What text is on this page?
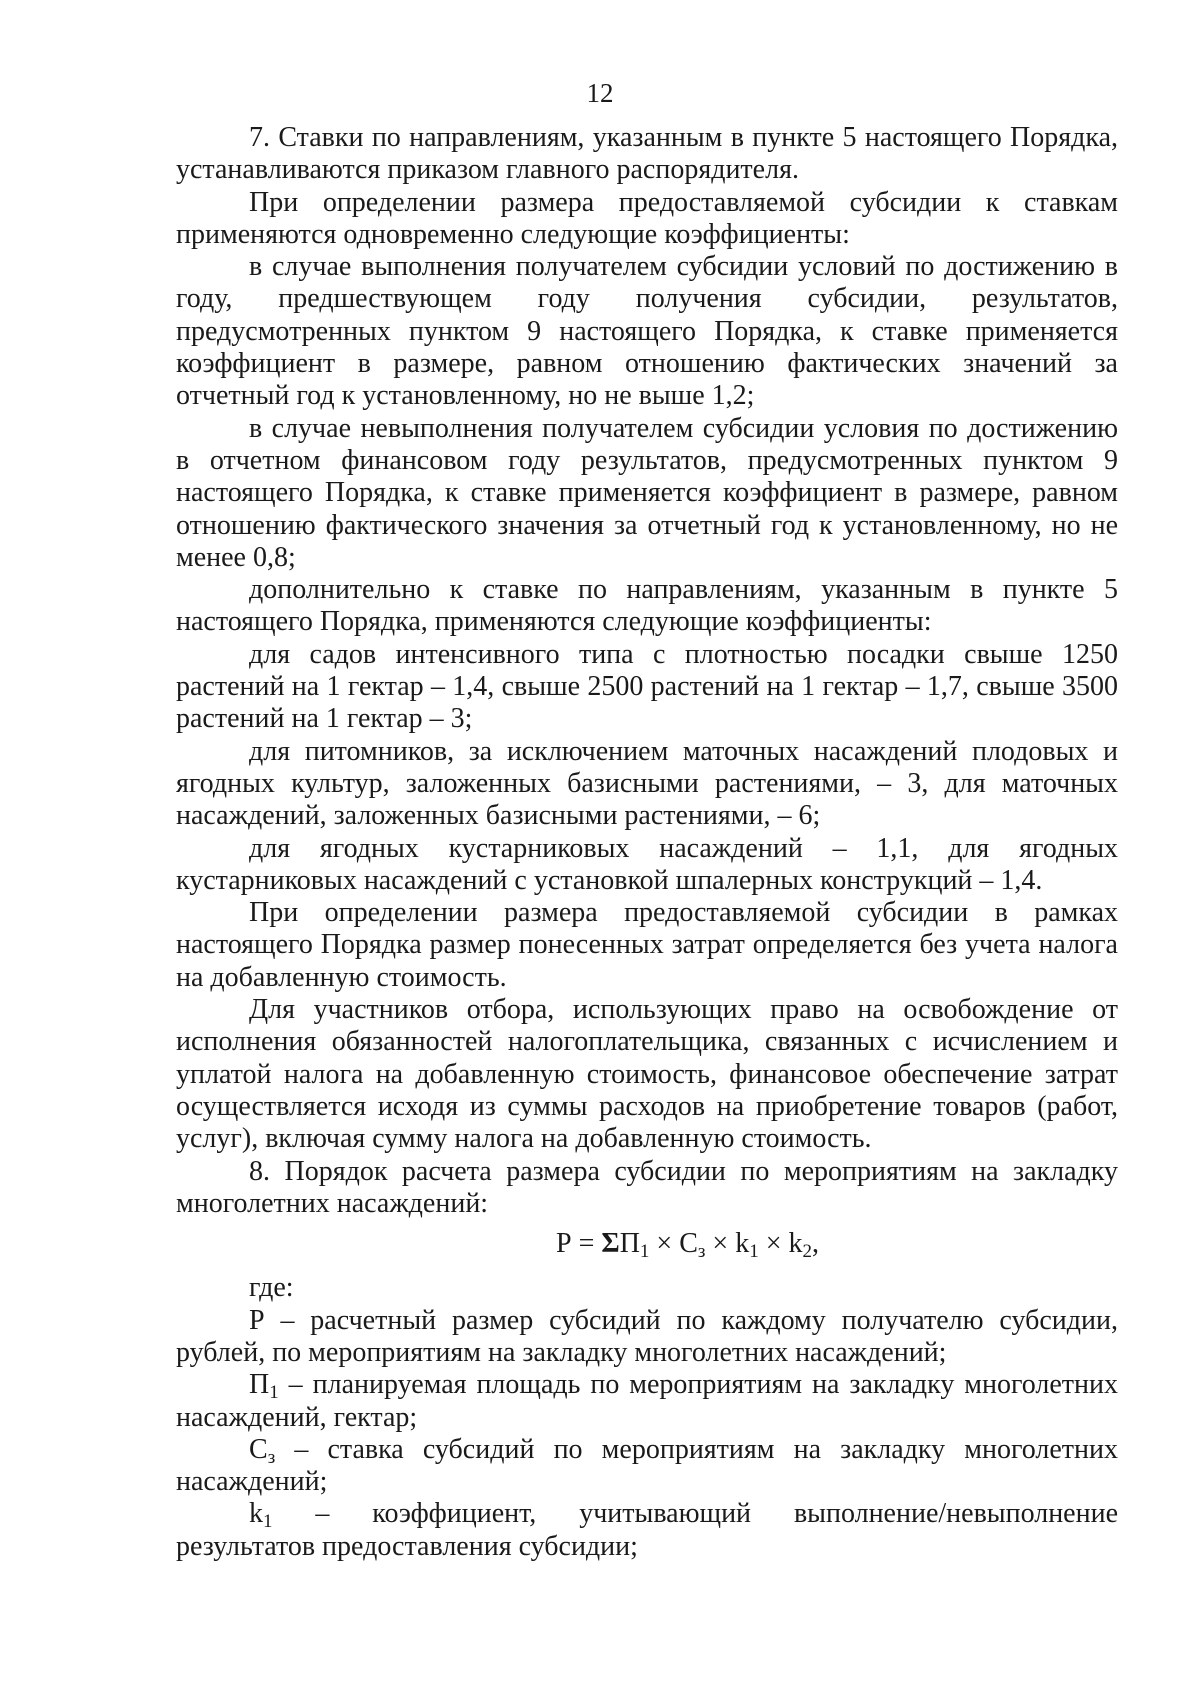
12

7. Ставки по направлениям, указанным в пункте 5 настоящего Порядка, устанавливаются приказом главного распорядителя.

При определении размера предоставляемой субсидии к ставкам применяются одновременно следующие коэффициенты:

в случае выполнения получателем субсидии условий по достижению в году, предшествующем году получения субсидии, результатов, предусмотренных пунктом 9 настоящего Порядка, к ставке применяется коэффициент в размере, равном отношению фактических значений за отчетный год к установленному, но не выше 1,2;

в случае невыполнения получателем субсидии условия по достижению в отчетном финансовом году результатов, предусмотренных пунктом 9 настоящего Порядка, к ставке применяется коэффициент в размере, равном отношению фактического значения за отчетный год к установленному, но не менее 0,8;

дополнительно к ставке по направлениям, указанным в пункте 5 настоящего Порядка, применяются следующие коэффициенты:

для садов интенсивного типа с плотностью посадки свыше 1250 растений на 1 гектар – 1,4, свыше 2500 растений на 1 гектар – 1,7, свыше 3500 растений на 1 гектар – 3;

для питомников, за исключением маточных насаждений плодовых и ягодных культур, заложенных базисными растениями, – 3, для маточных насаждений, заложенных базисными растениями, – 6;

для ягодных кустарниковых насаждений – 1,1, для ягодных кустарниковых насаждений с установкой шпалерных конструкций – 1,4.

При определении размера предоставляемой субсидии в рамках настоящего Порядка размер понесенных затрат определяется без учета налога на добавленную стоимость.

Для участников отбора, использующих право на освобождение от исполнения обязанностей налогоплательщика, связанных с исчислением и уплатой налога на добавленную стоимость, финансовое обеспечение затрат осуществляется исходя из суммы расходов на приобретение товаров (работ, услуг), включая сумму налога на добавленную стоимость.

8. Порядок расчета размера субсидии по мероприятиям на закладку многолетних насаждений:

$Р = \Sigma П_1 \times С_з \times k_1 \times k_2$,

где:

Р – расчетный размер субсидий по каждому получателю субсидии, рублей, по мероприятиям на закладку многолетних насаждений;

$П_1$ – планируемая площадь по мероприятиям на закладку многолетних насаждений, гектар;

$С_з$ – ставка субсидий по мероприятиям на закладку многолетних насаждений;

$k_1$ – коэффициент, учитывающий выполнение/невыполнение результатов предоставления субсидии;
